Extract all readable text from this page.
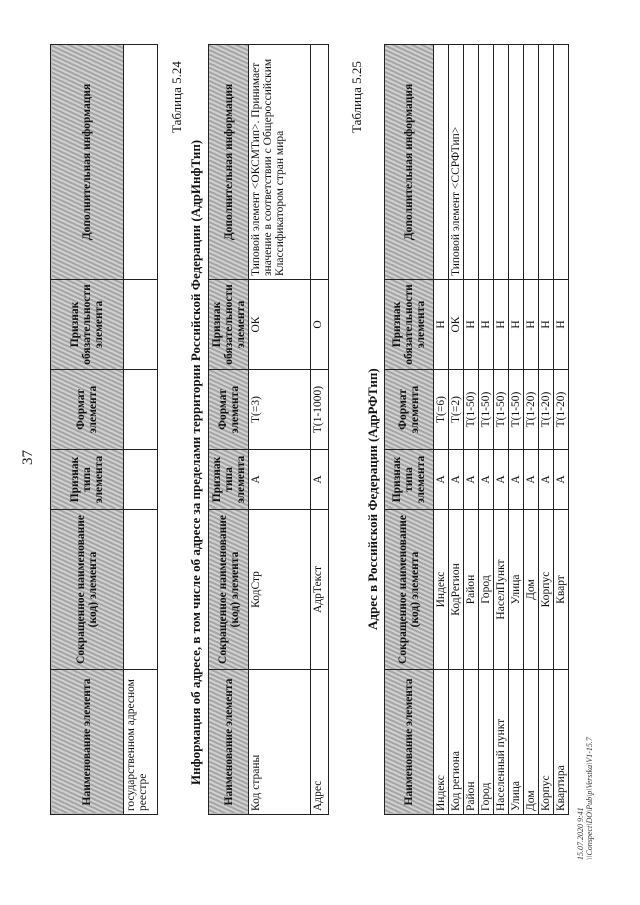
37
Наименование элемента	Сокращенное наименование (код) элемента	Признак типа элемента	Формат элемента	Признак обязательности элемента	Дополнительная информация
государственном адресном реестре					
Таблица 5.24
Информация об адресе, в том числе об адресе за пределами территории Российской Федерации (АдрИнфТип) Наименование элемента	Сокращенное наименование (код) элемента	Признак типа элемента	Формат элемента	Признак обязательности элемента	Дополнительная информация
Код страны	КодСтр	А	Т(=3)	ОК	Типовой элемент <ОКСМТип>. Принимает значение в соответствии с Общероссийским Классификатором стран мира
Адрес	АдрТекст	А	Т(1-1000)	О	
Таблица 5.25
Адрес в Российской Федерации (АдрРФТип)
Наименование элемента	Сокращенное наименование (код) элемента	Признак типа элемента	Формат элемента	Признак обязательности элемента	Дополнительная информация
Индекс	Индекс	А	Т(=6)	Н	
Код региона	КодРегион	А	Т(=2)	ОК	Типовой элемент <ССРФТип>
Район	Район	А	Т(1-50)	Н	
Город	Город	А	Т(1-50)	Н	
Населенный пункт	НаселПункт	А	Т(1-50)	Н	
Улица	Улица	А	Т(1-50)	Н	
Дом	Дом	А	Т(1-20)	Н	
Корпус	Корпус	А	Т(1-20)	Н	
Квартира	Кварт	А	Т(1-20)	Н	
15.07.2020 9:41 \\Conspect\DO\Pub\p\Verstka\V1-15.7
